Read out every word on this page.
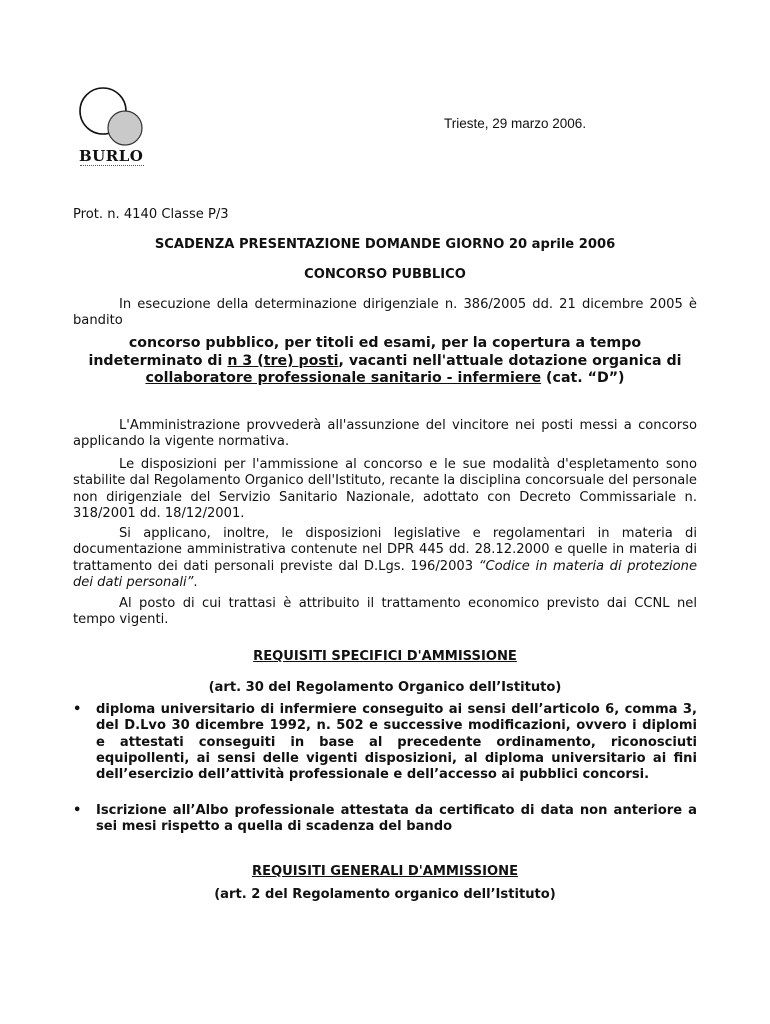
BURLO
Trieste, 29 marzo 2006.
Prot. n. 4140 Classe P/3
SCADENZA PRESENTAZIONE DOMANDE GIORNO 20 aprile 2006
CONCORSO PUBBLICO
In esecuzione della determinazione dirigenziale n. 386/2005 dd. 21 dicembre 2005 è bandito
concorso pubblico, per titoli ed esami, per la copertura a tempo indeterminato di n 3 (tre) posti, vacanti nell'attuale dotazione organica di collaboratore professionale sanitario - infermiere (cat. “D”)
L'Amministrazione provvederà all'assunzione del vincitore nei posti messi a concorso applicando la vigente normativa.
Le disposizioni per l'ammissione al concorso e le sue modalità d'espletamento sono stabilite dal Regolamento Organico dell'Istituto, recante la disciplina concorsuale del personale non dirigenziale del Servizio Sanitario Nazionale, adottato con Decreto Commissariale n. 318/2001 dd. 18/12/2001.
Si applicano, inoltre, le disposizioni legislative e regolamentari in materia di documentazione amministrativa contenute nel DPR 445 dd. 28.12.2000 e quelle in materia di trattamento dei dati personali previste dal D.Lgs. 196/2003 “Codice in materia di protezione dei dati personali”.
Al posto di cui trattasi è attribuito il trattamento economico previsto dai CCNL nel tempo vigenti.
REQUISITI SPECIFICI D'AMMISSIONE
(art. 30 del Regolamento Organico dell’Istituto)
•	diploma universitario di infermiere conseguito ai sensi dell’articolo 6, comma 3, del D.Lvo 30 dicembre 1992, n. 502 e successive modificazioni, ovvero i diplomi e attestati conseguiti in base al precedente ordinamento, riconosciuti equipollenti, ai sensi delle vigenti disposizioni, al diploma universitario ai fini dell’esercizio dell’attività professionale e dell’accesso ai pubblici concorsi.
•	Iscrizione all’Albo professionale attestata da certificato di data non anteriore a sei mesi rispetto a quella di scadenza del bando
REQUISITI GENERALI D'AMMISSIONE
(art. 2 del Regolamento organico dell’Istituto)
